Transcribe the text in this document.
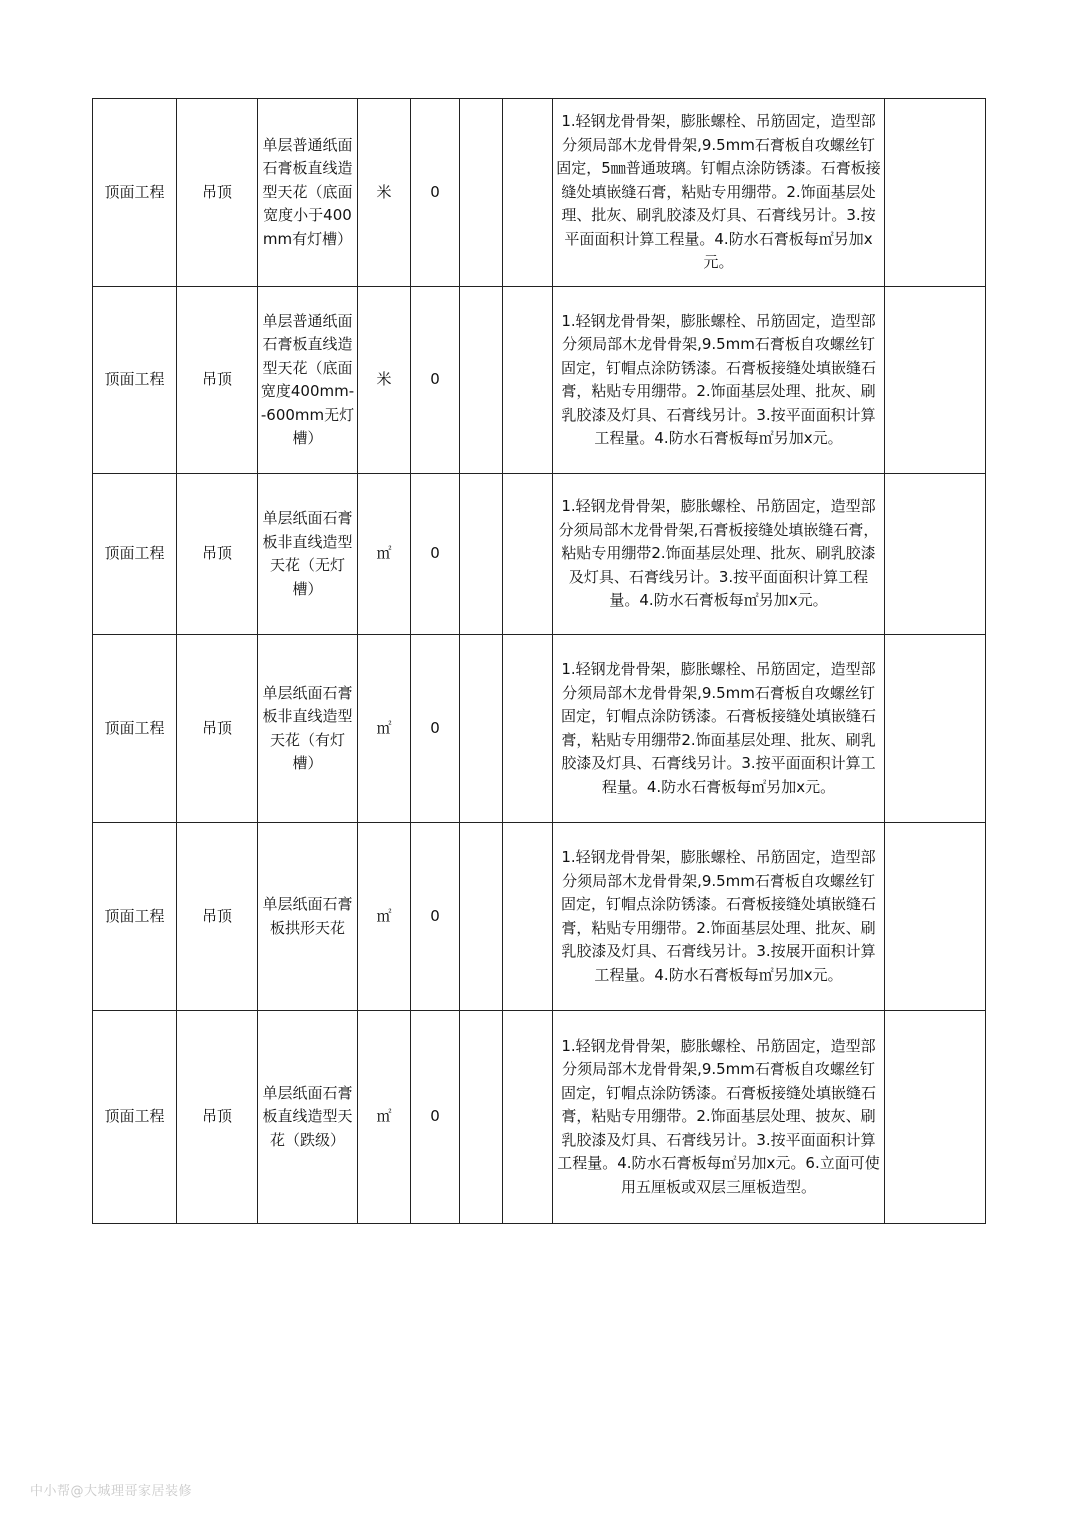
顶面工程	吊顶	单层普通纸面石膏板直线造型天花（底面宽度小于400mm有灯槽）	米	0			1.轻钢龙骨骨架，膨胀螺栓、吊筋固定，造型部分须局部木龙骨骨架,9.5mm石膏板自攻螺丝钉固定，5㎜普通玻璃。钉帽点涂防锈漆。石膏板接缝处填嵌缝石膏，粘贴专用绷带。2.饰面基层处理、批灰、刷乳胶漆及灯具、石膏线另计。3.按平面面积计算工程量。4.防水石膏板每㎡另加x元。	
顶面工程	吊顶	单层普通纸面石膏板直线造型天花（底面宽度400mm--600mm无灯槽）	米	0			1.轻钢龙骨骨架，膨胀螺栓、吊筋固定，造型部分须局部木龙骨骨架,9.5mm石膏板自攻螺丝钉固定，钉帽点涂防锈漆。石膏板接缝处填嵌缝石膏，粘贴专用绷带。2.饰面基层处理、批灰、刷乳胶漆及灯具、石膏线另计。3.按平面面积计算工程量。4.防水石膏板每㎡另加x元。	
顶面工程	吊顶	单层纸面石膏板非直线造型天花（无灯槽）	㎡	0			1.轻钢龙骨骨架，膨胀螺栓、吊筋固定，造型部分须局部木龙骨骨架,石膏板接缝处填嵌缝石膏，粘贴专用绷带2.饰面基层处理、批灰、刷乳胶漆及灯具、石膏线另计。3.按平面面积计算工程量。4.防水石膏板每㎡另加x元。	
顶面工程	吊顶	单层纸面石膏板非直线造型天花（有灯槽）	㎡	0			1.轻钢龙骨骨架，膨胀螺栓、吊筋固定，造型部分须局部木龙骨骨架,9.5mm石膏板自攻螺丝钉固定，钉帽点涂防锈漆。石膏板接缝处填嵌缝石膏，粘贴专用绷带2.饰面基层处理、批灰、刷乳胶漆及灯具、石膏线另计。3.按平面面积计算工程量。4.防水石膏板每㎡另加x元。	
顶面工程	吊顶	单层纸面石膏板拱形天花	㎡	0			1.轻钢龙骨骨架，膨胀螺栓、吊筋固定，造型部分须局部木龙骨骨架,9.5mm石膏板自攻螺丝钉固定，钉帽点涂防锈漆。石膏板接缝处填嵌缝石膏，粘贴专用绷带。2.饰面基层处理、批灰、刷乳胶漆及灯具、石膏线另计。3.按展开面积计算工程量。4.防水石膏板每㎡另加x元。	
顶面工程	吊顶	单层纸面石膏板直线造型天花（跌级）	㎡	0			1.轻钢龙骨骨架，膨胀螺栓、吊筋固定，造型部分须局部木龙骨骨架,9.5mm石膏板自攻螺丝钉固定，钉帽点涂防锈漆。石膏板接缝处填嵌缝石膏，粘贴专用绷带。2.饰面基层处理、披灰、刷乳胶漆及灯具、石膏线另计。3.按平面面积计算工程量。4.防水石膏板每㎡另加x元。6.立面可使用五厘板或双层三厘板造型。	
中小帮@大城理哥家居装修
